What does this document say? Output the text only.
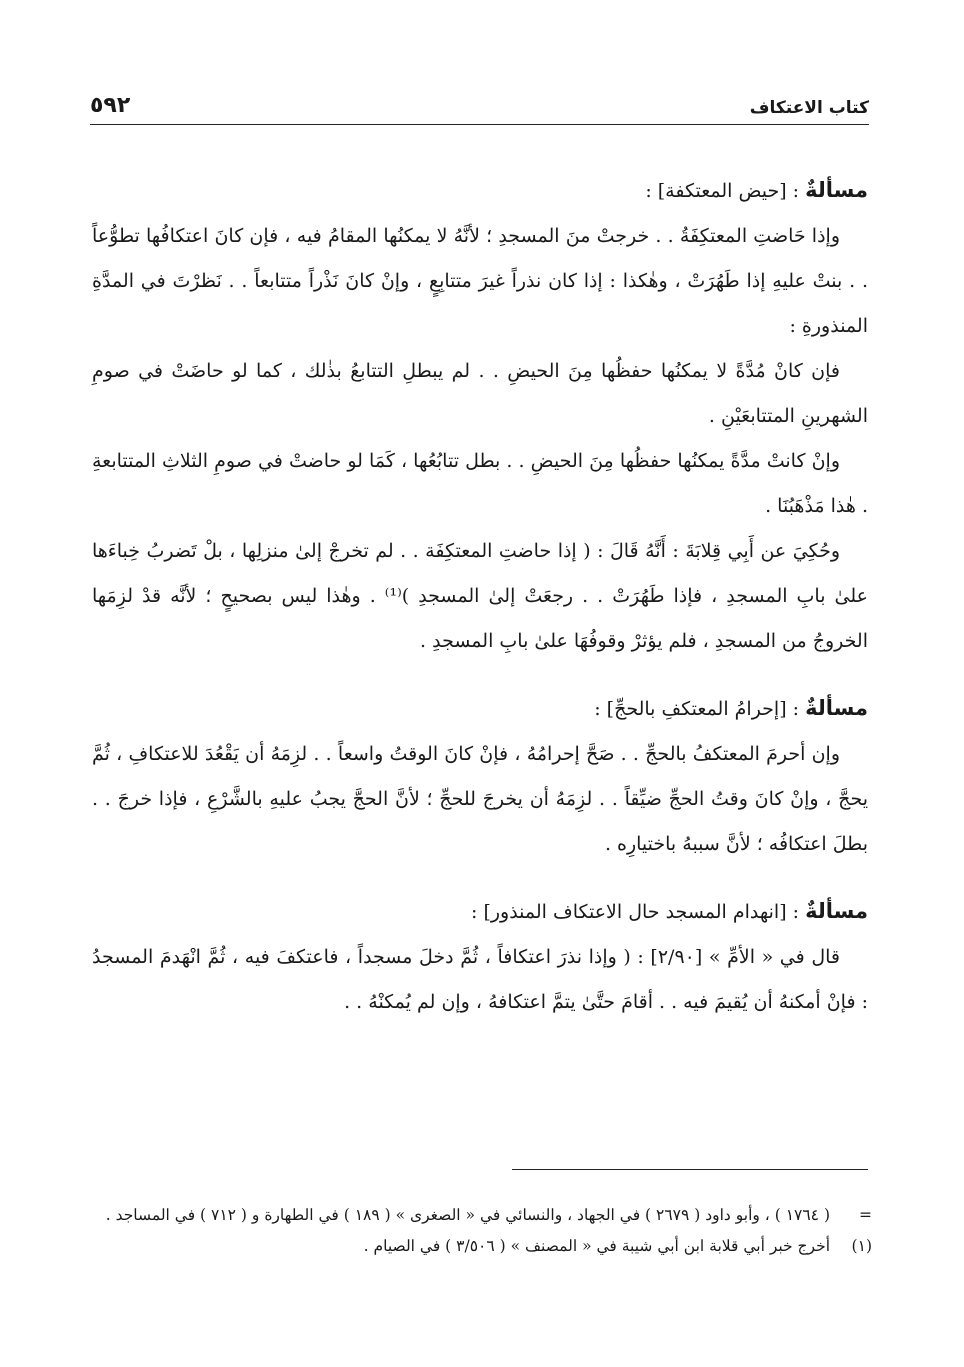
كتاب الاعتكاف
٥٩٢
مسألةٌ : [حيض المعتكفة] :

وإذا حَاضتِ المعتكِفَةُ . . خرجتْ منَ المسجدِ ؛ لأنَّهُ لا يمكنُها المقامُ فيه ، فإن كانَ اعتكافُها تطوُّعاً . . بنتْ عليهِ إذا طَهُرَتْ ، وهٰكذا : إذا كان نذراً غيرَ متتابِعٍ ، وإنْ كانَ نَذْراً متتابعاً . . نَظرْتَ في المدَّةِ المنذورةِ :

فإن كانْ مُدَّةً لا يمكنُها حفظُها مِنَ الحيضِ . . لم يبطلِ التتابعُ بذٰلك ، كما لو حاضَتْ في صومِ الشهرينِ المتتابعَيْنِ .

وإنْ كانتْ مدَّةً يمكنُها حفظُها مِنَ الحيضِ . . بطل تتابُعُها ، كَمَا لو حاضتْ في صومِ الثلاثِ المتتابعةِ . هٰذا مَذْهَبُنَا .

وحُكِيَ عن أَبِي قِلابَةَ : أَنَّهُ قَالَ : ( إذا حاضتِ المعتكِفَة . . لم تخرجْ إلىٰ منزلِها ، بلْ تَضربُ خِباءَها علىٰ بابِ المسجدِ ، فإذا طَهُرَتْ . . رجعَتْ إلىٰ المسجدِ )⁽¹⁾ . وهٰذا ليس بصحيحٍ ؛ لأنَّه قدْ لزِمَها الخروجُ من المسجدِ ، فلم يؤثرْ وقوفُهَا علىٰ بابِ المسجدِ .

مسألةٌ : [إحرامُ المعتكفِ بالحجِّ] :

وإن أحرمَ المعتكفُ بالحجِّ . . صَحَّ إحرامُهُ ، فإنْ كانَ الوقتُ واسعاً . . لزِمَهُ أن يَقْعُدَ للاعتكافِ ، ثُمَّ يحجَّ ، وإنْ كانَ وقتُ الحجِّ ضيِّقاً . . لزِمَهُ أن يخرجَ للحجِّ ؛ لأنَّ الحجَّ يجبُ عليهِ بالشَّرْعِ ، فإذا خرجَ . . بطلَ اعتكافُه ؛ لأنَّ سببهُ باختيارِه .

مسألةٌ : [انهدام المسجد حال الاعتكاف المنذور] :

قال في « الأمِّ » [٢/٩٠] : ( وإذا نذرَ اعتكافاً ، ثُمَّ دخلَ مسجداً ، فاعتكفَ فيه ، ثُمَّ انْهَدمَ المسجدُ : فإنْ أمكنهُ أن يُقيمَ فيه . . أقامَ حتَّىٰ يتمَّ اعتكافهُ ، وإن لم يُمكنْهُ . .

=
( ١٧٦٤ ) ، وأبو داود ( ٢٦٧٩ ) في الجهاد ، والنسائي في « الصغرى » ( ١٨٩ ) في الطهارة و ( ٧١٢ ) في المساجد .
(١)
أخرج خبر أبي قلابة ابن أبي شيبة في « المصنف » ( ٣/٥٠٦ ) في الصيام .
